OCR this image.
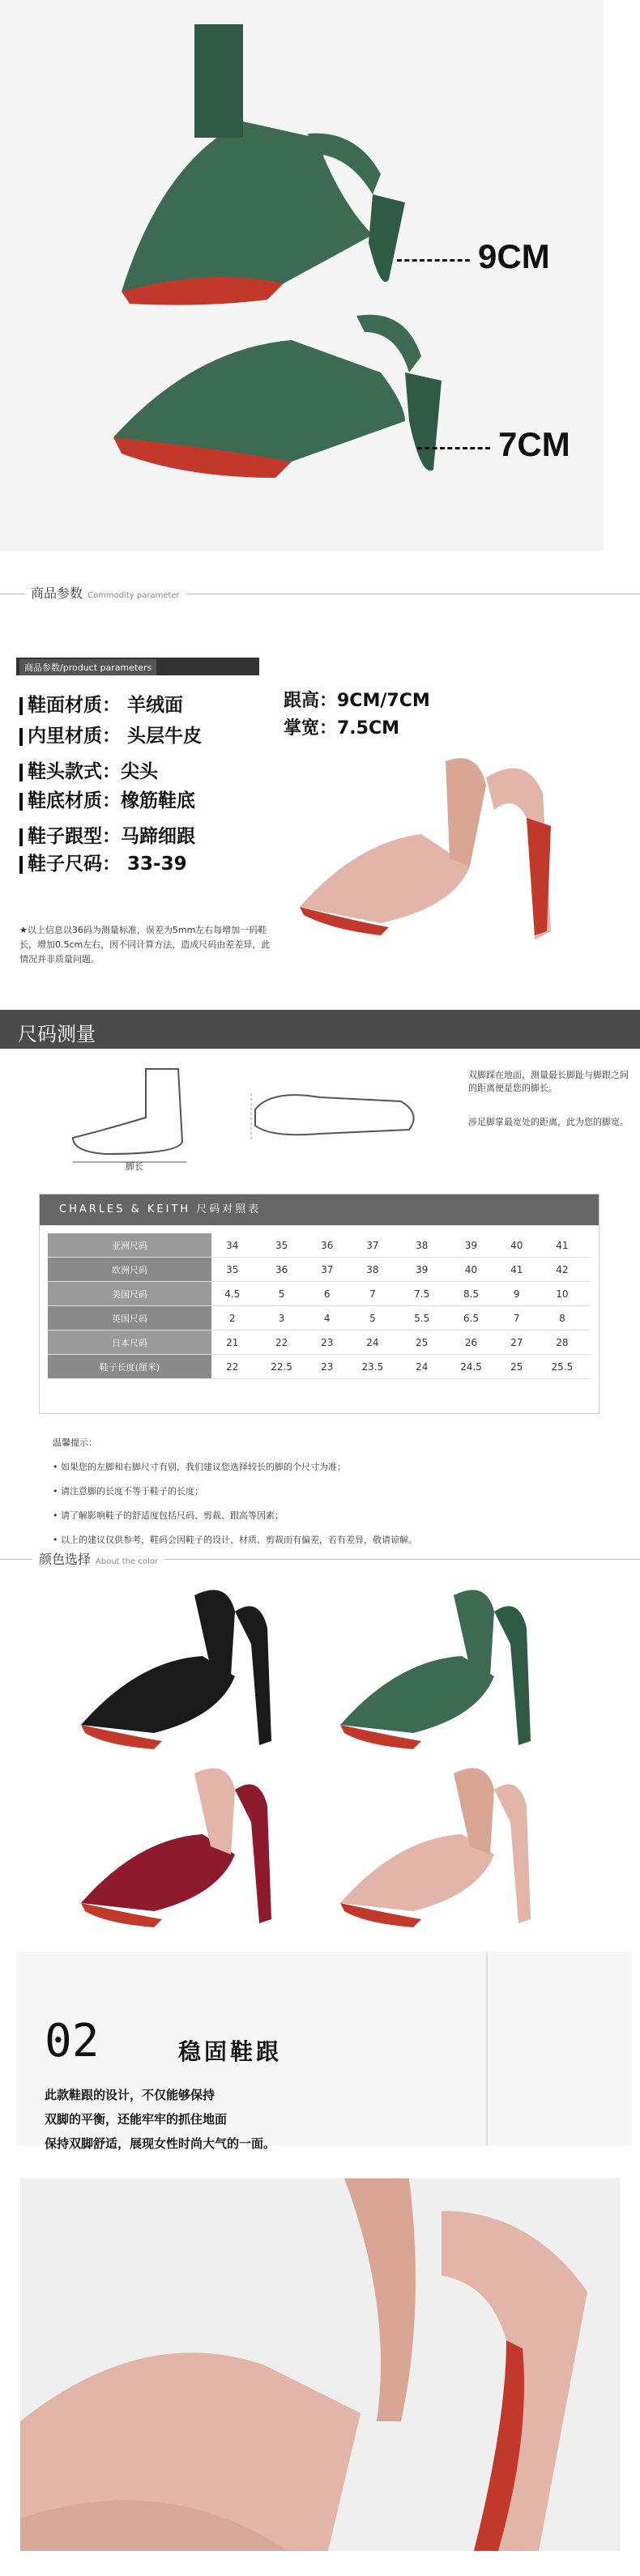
9CM
7CM
商品参数 Commodity parameter
商品参数/product parameters
鞋面材质： 羊绒面
内里材质： 头层牛皮
鞋头款式：尖头
鞋底材质：橡筋鞋底
鞋子跟型：马蹄细跟
鞋子尺码： 33-39
跟高：9CM/7CM
掌宽：7.5CM
★以上信息以36码为测量标准，误差为5mm左右每增加一码鞋长，增加0.5cm左右，因不同计算方法，造成尺码由差差异，此情况并非质量问题。
尺码测量
脚长
双脚踩在地面，测量最长脚趾与脚跟之间的距离便是您的脚长。
涉足脚掌最宽处的距离，此为您的脚宽。
CHARLES & KEITH 尺码对照表
亚洲尺码	34	35	36	37	38	39	40	41
欧洲尺码	35	36	37	38	39	40	41	42
美国尺码	4.5	5	6	7	7.5	8.5	9	10
英国尺码	2	3	4	5	5.5	6.5	7	8
日本尺码	21	22	23	24	25	26	27	28
鞋子长度(厘米)	22	22.5	23	23.5	24	24.5	25	25.5
温馨提示：
• 如果您的左脚和右脚尺寸有别，我们建议您选择较长的脚的个尺寸为准；
• 请注意脚的长度不等于鞋子的长度；
• 请了解影响鞋子的舒适度包括尺码、剪裁、跟高等因素；
• 以上的建议仅供参考，鞋码会因鞋子的设计、材质、剪裁而有偏差，若有差异，敬请谅解。
颜色选择 About the color
02	稳固鞋跟
此款鞋跟的设计，不仅能够保持
双脚的平衡，还能牢牢的抓住地面
保持双脚舒适，展现女性时尚大气的一面。
